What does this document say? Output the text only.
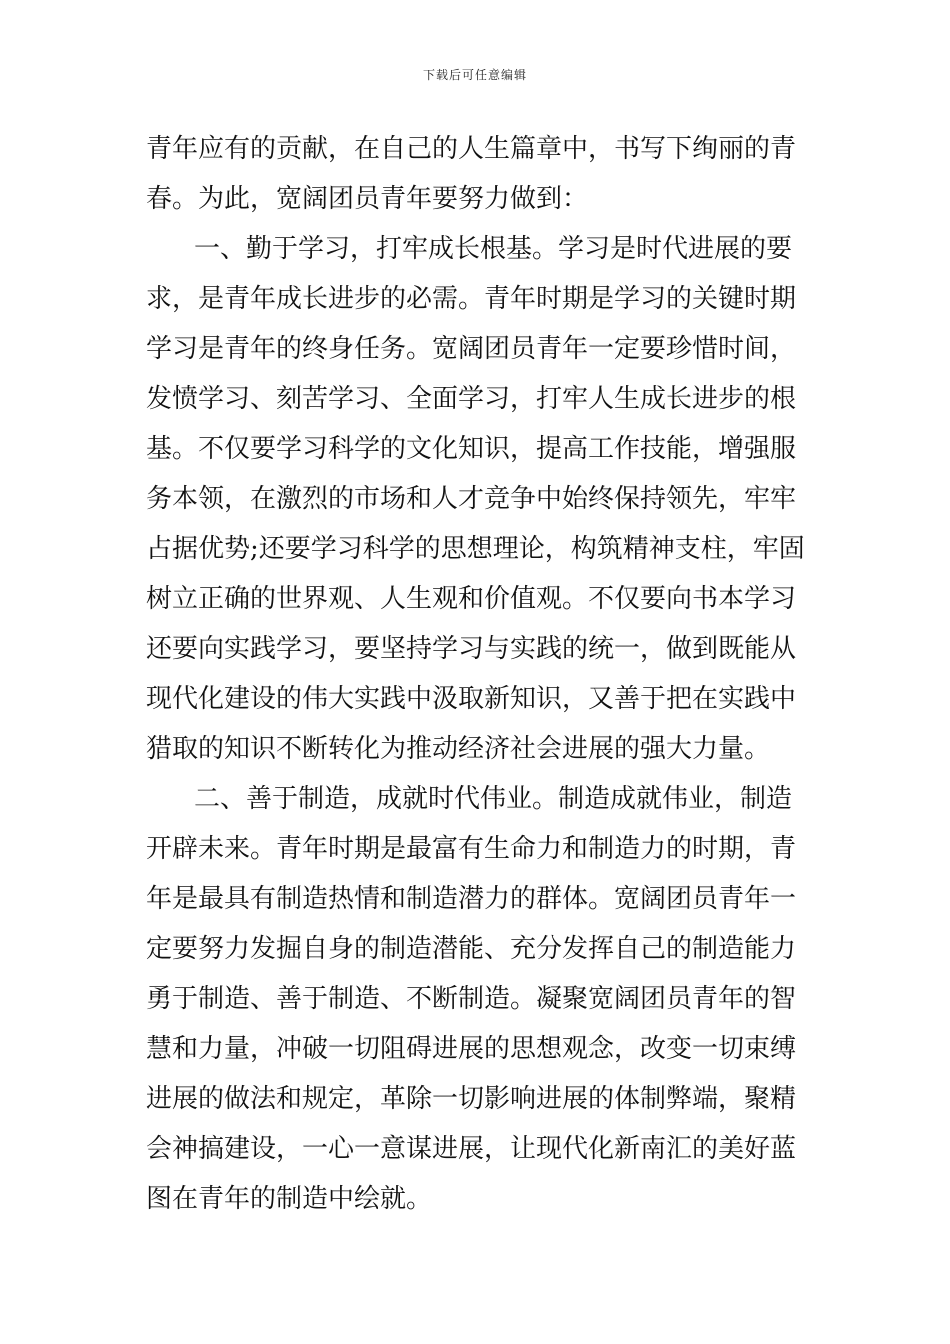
下载后可任意编辑
青年应有的贡献，在自己的人生篇章中，书写下绚丽的青
春。为此，宽阔团员青年要努力做到：
一、勤于学习，打牢成长根基。学习是时代进展的要
求，是青年成长进步的必需。青年时期是学习的关键时期
学习是青年的终身任务。宽阔团员青年一定要珍惜时间，
发愤学习、刻苦学习、全面学习，打牢人生成长进步的根
基。不仅要学习科学的文化知识，提高工作技能，增强服
务本领，在激烈的市场和人才竞争中始终保持领先，牢牢
占据优势;还要学习科学的思想理论，构筑精神支柱，牢固
树立正确的世界观、人生观和价值观。不仅要向书本学习
还要向实践学习，要坚持学习与实践的统一，做到既能从
现代化建设的伟大实践中汲取新知识，又善于把在实践中
猎取的知识不断转化为推动经济社会进展的强大力量。
二、善于制造，成就时代伟业。制造成就伟业，制造
开辟未来。青年时期是最富有生命力和制造力的时期，青
年是最具有制造热情和制造潜力的群体。宽阔团员青年一
定要努力发掘自身的制造潜能、充分发挥自己的制造能力
勇于制造、善于制造、不断制造。凝聚宽阔团员青年的智
慧和力量，冲破一切阻碍进展的思想观念，改变一切束缚
进展的做法和规定，革除一切影响进展的体制弊端，聚精
会神搞建设，一心一意谋进展，让现代化新南汇的美好蓝
图在青年的制造中绘就。
